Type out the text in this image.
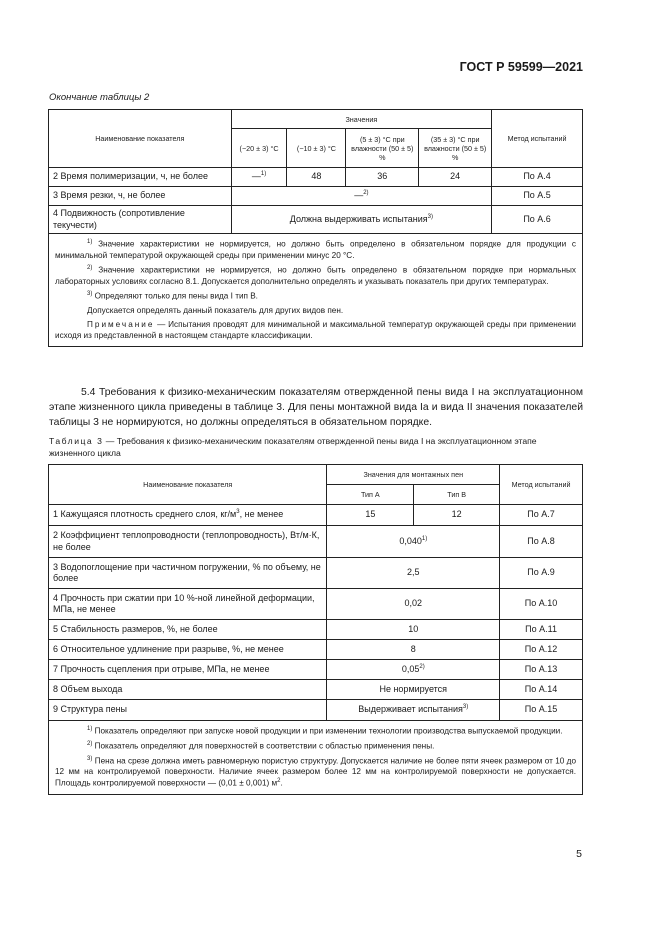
ГОСТ Р 59599—2021
Окончание таблицы 2
Наименование показателя	Значения				Метод испытаний
	(−20 ± 3) °С	(−10 ± 3) °С	(5 ± 3) °С при влажности (50 ± 5) %	(35 ± 3) °С при влажности (50 ± 5) %	
2 Время полимеризации, ч, не более	—$^{1)}$	48	36	24	По А.4
3 Время резки, ч, не более	—$^{2)}$				По А.5
4 Подвижность (сопротивление текучести)	Должна выдерживать испытания$^{3)}$				По А.6

$^{1)}$ Значение характеристики не нормируется, но должно быть определено в обязательном порядке для продукции с минимальной температурой окружающей среды при применении минус 20 °С.

$^{2)}$ Значение характеристики не нормируется, но должно быть определено в обязательном порядке при нормальных лабораторных условиях согласно 8.1. Допускается дополнительно определять и указывать показатель при других температурах.

$^{3)}$ Определяют только для пены вида I тип В.

Допускается определять данный показатель для других видов пен.

Примечание — Испытания проводят для минимальной и максимальной температур окружающей среды при применении исходя из представленной в настоящем стандарте классификации.					

5.4 Требования к физико-механическим показателям отвержденной пены вида I на эксплуатационном этапе жизненного цикла приведены в таблице 3. Для пены монтажной вида Ia и вида II значения показателей таблицы 3 не нормируются, но должны определяться в обязательном порядке.
Таблица 3 — Требования к физико-механическим показателям отвержденной пены вида I на эксплуатационном этапе жизненного цикла
Наименование показателя	Значения для монтажных пен		Метод испытаний
	Тип А	Тип В	
1 Кажущаяся плотность среднего слоя, $кг/м^3$, не менее	15	12	По А.7
2 Коэффициент теплопроводности (теплопроводность), Вт/м·К, не более	0,040$^{1)}$		По А.8
3 Водопоглощение при частичном погружении, % по объему, не более	2,5		По А.9
4 Прочность при сжатии при 10 %-ной линейной деформации, МПа, не менее	0,02		По А.10
5 Стабильность размеров, %, не более	10		По А.11
6 Относительное удлинение при разрыве, %, не менее	8		По А.12
7 Прочность сцепления при отрыве, МПа, не менее	0,05$^{2)}$		По А.13
8 Объем выхода	Не нормируется		По А.14
9 Структура пены	Выдерживает испытания$^{3)}$		По А.15

$^{1)}$ Показатель определяют при запуске новой продукции и при изменении технологии производства выпускаемой продукции.

$^{2)}$ Показатель определяют для поверхностей в соответствии с областью применения пены.

$^{3)}$ Пена на срезе должна иметь равномерную пористую структуру. Допускается наличие не более пяти ячеек размером от 10 до 12 мм на контролируемой поверхности. Наличие ячеек размером более 12 мм на контролируемой поверхности не допускается. Площадь контролируемой поверхности — (0,01 ± 0,001) $м^2$.			

5
